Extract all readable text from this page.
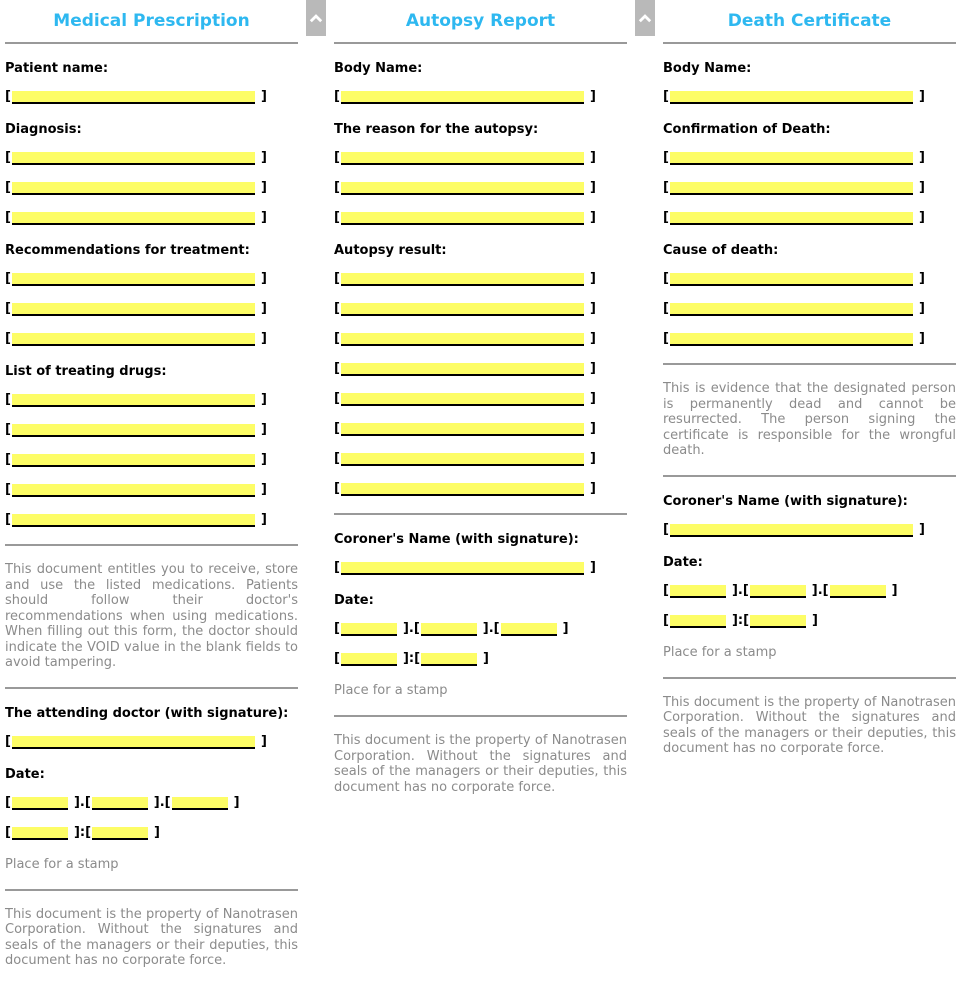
Medical Prescription
Patient name:
[	]
Diagnosis:
[	]
[	]
[	]
Recommendations for treatment:
[	]
[	]
[	]
List of treating drugs:
[	]
[	]
[	]
[	]
[	]

This document entitles you to receive, store and use the listed medications. Patients should follow their doctor's recommendations when using medications. When filling out this form, the doctor should indicate the VOID value in the blank fields to avoid tampering.

The attending doctor (with signature):
[	]
Date:
[	].[	].[	]
[	]:[	]
Place for a stamp

This document is the property of Nanotrasen Corporation. Without the signatures and seals of the managers or their deputies, this document has no corporate force.

Autopsy Report
Body Name:
[	]
The reason for the autopsy:
[	]
[	]
[	]
Autopsy result:
[	]
[	]
[	]
[	]
[	]
[	]
[	]
[	]
Coroner's Name (with signature):
[	]
Date:
[	].[	].[	]
[	]:[	]
Place for a stamp

This document is the property of Nanotrasen Corporation. Without the signatures and seals of the managers or their deputies, this document has no corporate force.

Death Certificate
Body Name:
[	]
Confirmation of Death:
[	]
[	]
[	]
Cause of death:
[	]
[	]
[	]

This is evidence that the designated person is permanently dead and cannot be resurrected. The person signing the certificate is responsible for the wrongful death.

Coroner's Name (with signature):
[	]
Date:
[	].[	].[	]
[	]:[	]
Place for a stamp

This document is the property of Nanotrasen Corporation. Without the signatures and seals of the managers or their deputies, this document has no corporate force.
